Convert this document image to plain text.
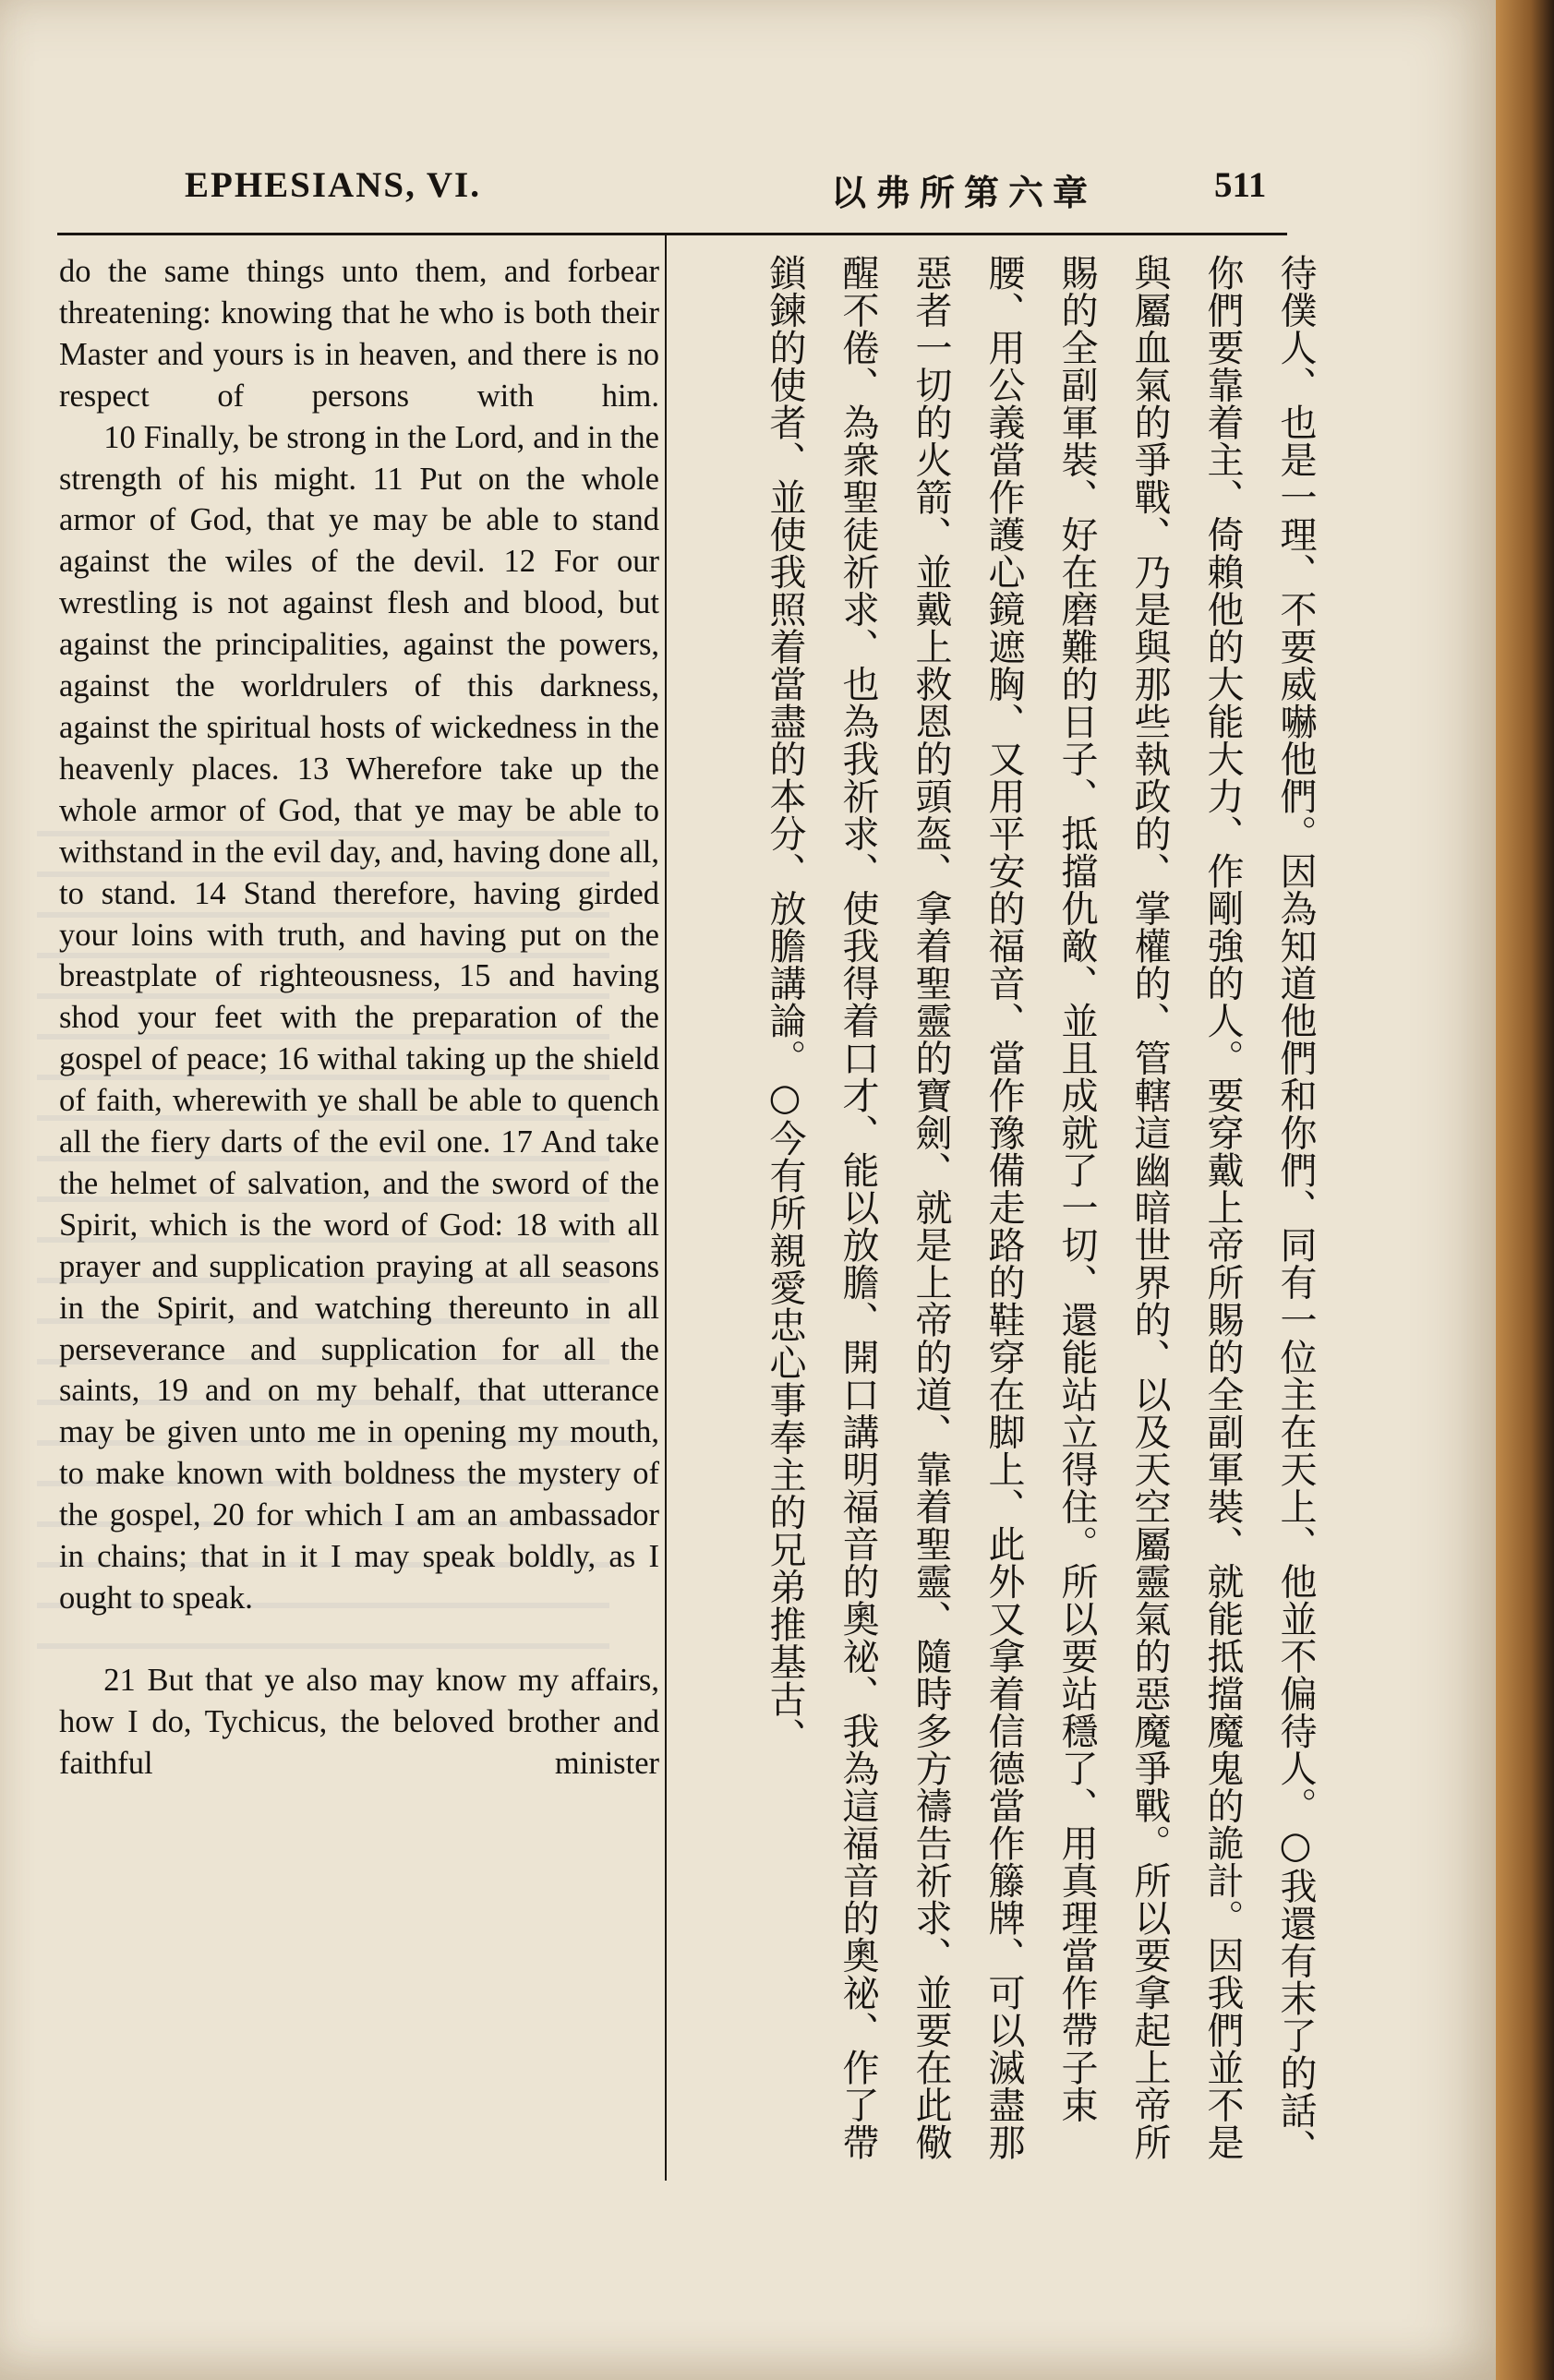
EPHESIANS, VI.	以弗所第六章	511

do the same things unto them, and forbear threatening: knowing that he who is both their Master and yours is in heaven, and there is no respect of persons with him.

10 Finally, be strong in the Lord, and in the strength of his might. 11 Put on the whole armor of God, that ye may be able to stand against the wiles of the devil. 12 For our wrestling is not against flesh and blood, but against the principalities, against the powers, against the worldrulers of this darkness, against the spiritual hosts of wickedness in the heavenly places. 13 Wherefore take up the whole armor of God, that ye may be able to withstand in the evil day, and, having done all, to stand. 14 Stand therefore, having girded your loins with truth, and having put on the breastplate of righteousness, 15 and having shod your feet with the preparation of the gospel of peace; 16 withal taking up the shield of faith, wherewith ye shall be able to quench all the fiery darts of the evil one. 17 And take the helmet of salvation, and the sword of the Spirit, which is the word of God: 18 with all prayer and supplication praying at all seasons in the Spirit, and watching thereunto in all perseverance and supplication for all the saints, 19 and on my behalf, that utterance may be given unto me in opening my mouth, to make known with boldness the mystery of the gospel, 20 for which I am an ambassador in chains; that in it I may speak boldly, as I ought to speak.

21 But that ye also may know my affairs, how I do, Tychicus, the beloved brother and faithful minister	待僕人、也是一理、不要威嚇他們。因為知道他們和你們、同有一位主在天上、他並不偏待人。○我還有末了的話、你們要靠着主、倚賴他的大能大力、作剛強的人。要穿戴上帝所賜的全副軍裝、就能抵擋魔鬼的詭計。因我們並不是與屬血氣的爭戰、乃是與那些執政的、掌權的、管轄這幽暗世界的、以及天空屬靈氣的惡魔爭戰。所以要拿起上帝所賜的全副軍裝、好在磨難的日子、抵擋仇敵、並且成就了一切、還能站立得住。所以要站穩了、用真理當作帶子束腰、用公義當作護心鏡遮胸、又用平安的福音、當作豫備走路的鞋穿在脚上、此外又拿着信德當作籐牌、可以滅盡那惡者一切的火箭、並戴上救恩的頭盔、拿着聖靈的寶劍、就是上帝的道、靠着聖靈、隨時多方禱告祈求、並要在此儆醒不倦、為衆聖徒祈求、也為我祈求、使我得着口才、能以放膽、開口講明福音的奧祕、我為這福音的奧祕、作了帶鎖鍊的使者、並使我照着當盡的本分、放膽講論。○今有所親愛忠心事奉主的兄弟推基古、
